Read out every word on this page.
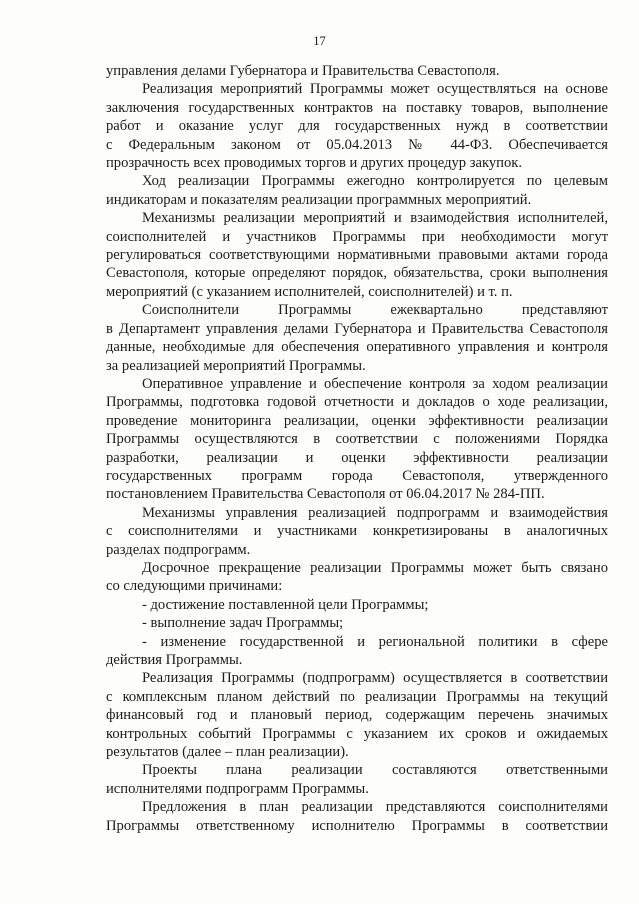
17

управления делами Губернатора и Правительства Севастополя.

Реализация мероприятий Программы может осуществляться на основе
заключения государственных контрактов на поставку товаров, выполнение
работ и оказание услуг для государственных нужд в соответствии
с Федеральным законом от 05.04.2013 № 44-ФЗ. Обеспечивается
прозрачность всех проводимых торгов и других процедур закупок.

Ход реализации Программы ежегодно контролируется по целевым
индикаторам и показателям реализации программных мероприятий.

Механизмы реализации мероприятий и взаимодействия исполнителей,
соисполнителей и участников Программы при необходимости могут
регулироваться соответствующими нормативными правовыми актами города
Севастополя, которые определяют порядок, обязательства, сроки выполнения
мероприятий (с указанием исполнителей, соисполнителей) и т. п.

Соисполнители Программы ежеквартально представляют
в Департамент управления делами Губернатора и Правительства Севастополя
данные, необходимые для обеспечения оперативного управления и контроля
за реализацией мероприятий Программы.

Оперативное управление и обеспечение контроля за ходом реализации
Программы, подготовка годовой отчетности и докладов о ходе реализации,
проведение мониторинга реализации, оценки эффективности реализации
Программы осуществляются в соответствии с положениями Порядка
разработки, реализации и оценки эффективности реализации
государственных программ города Севастополя, утвержденного
постановлением Правительства Севастополя от 06.04.2017 № 284-ПП.

Механизмы управления реализацией подпрограмм и взаимодействия
с соисполнителями и участниками конкретизированы в аналогичных
разделах подпрограмм.

Досрочное прекращение реализации Программы может быть связано
со следующими причинами:

- достижение поставленной цели Программы;
- выполнение задач Программы;
- изменение государственной и региональной политики в сфере
действия Программы.

Реализация Программы (подпрограмм) осуществляется в соответствии
с комплексным планом действий по реализации Программы на текущий
финансовый год и плановый период, содержащим перечень значимых
контрольных событий Программы с указанием их сроков и ожидаемых
результатов (далее – план реализации).

Проекты плана реализации составляются ответственными
исполнителями подпрограмм Программы.

Предложения в план реализации представляются соисполнителями
Программы ответственному исполнителю Программы в соответствии
